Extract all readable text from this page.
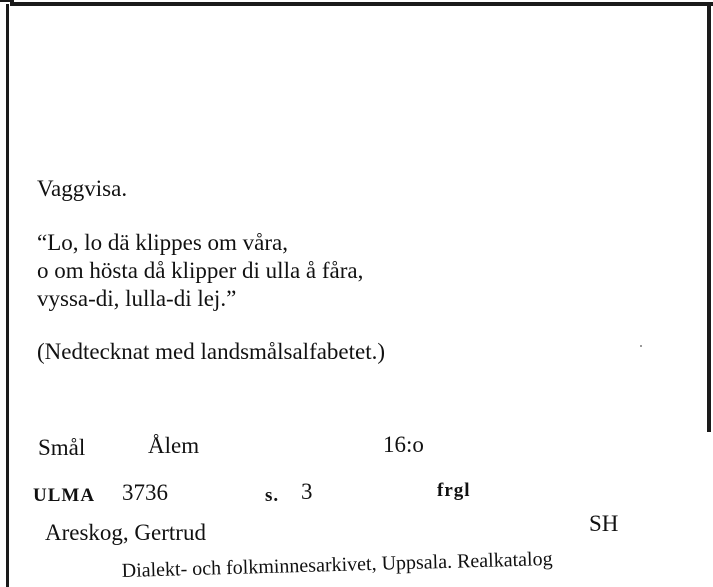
Vaggvisa.
“Lo, lo dä klippes om våra,
o om hösta då klipper di ulla å fåra,
vyssa-di, lulla-di lej.”
(Nedtecknat med landsmålsalfabetet.)
Smål	Ålem	16:o
ULMA 3736	s. 3	frgl
Areskog, Gertrud	SH
Dialekt- och folkminnesarkivet, Uppsala. Realkatalog
